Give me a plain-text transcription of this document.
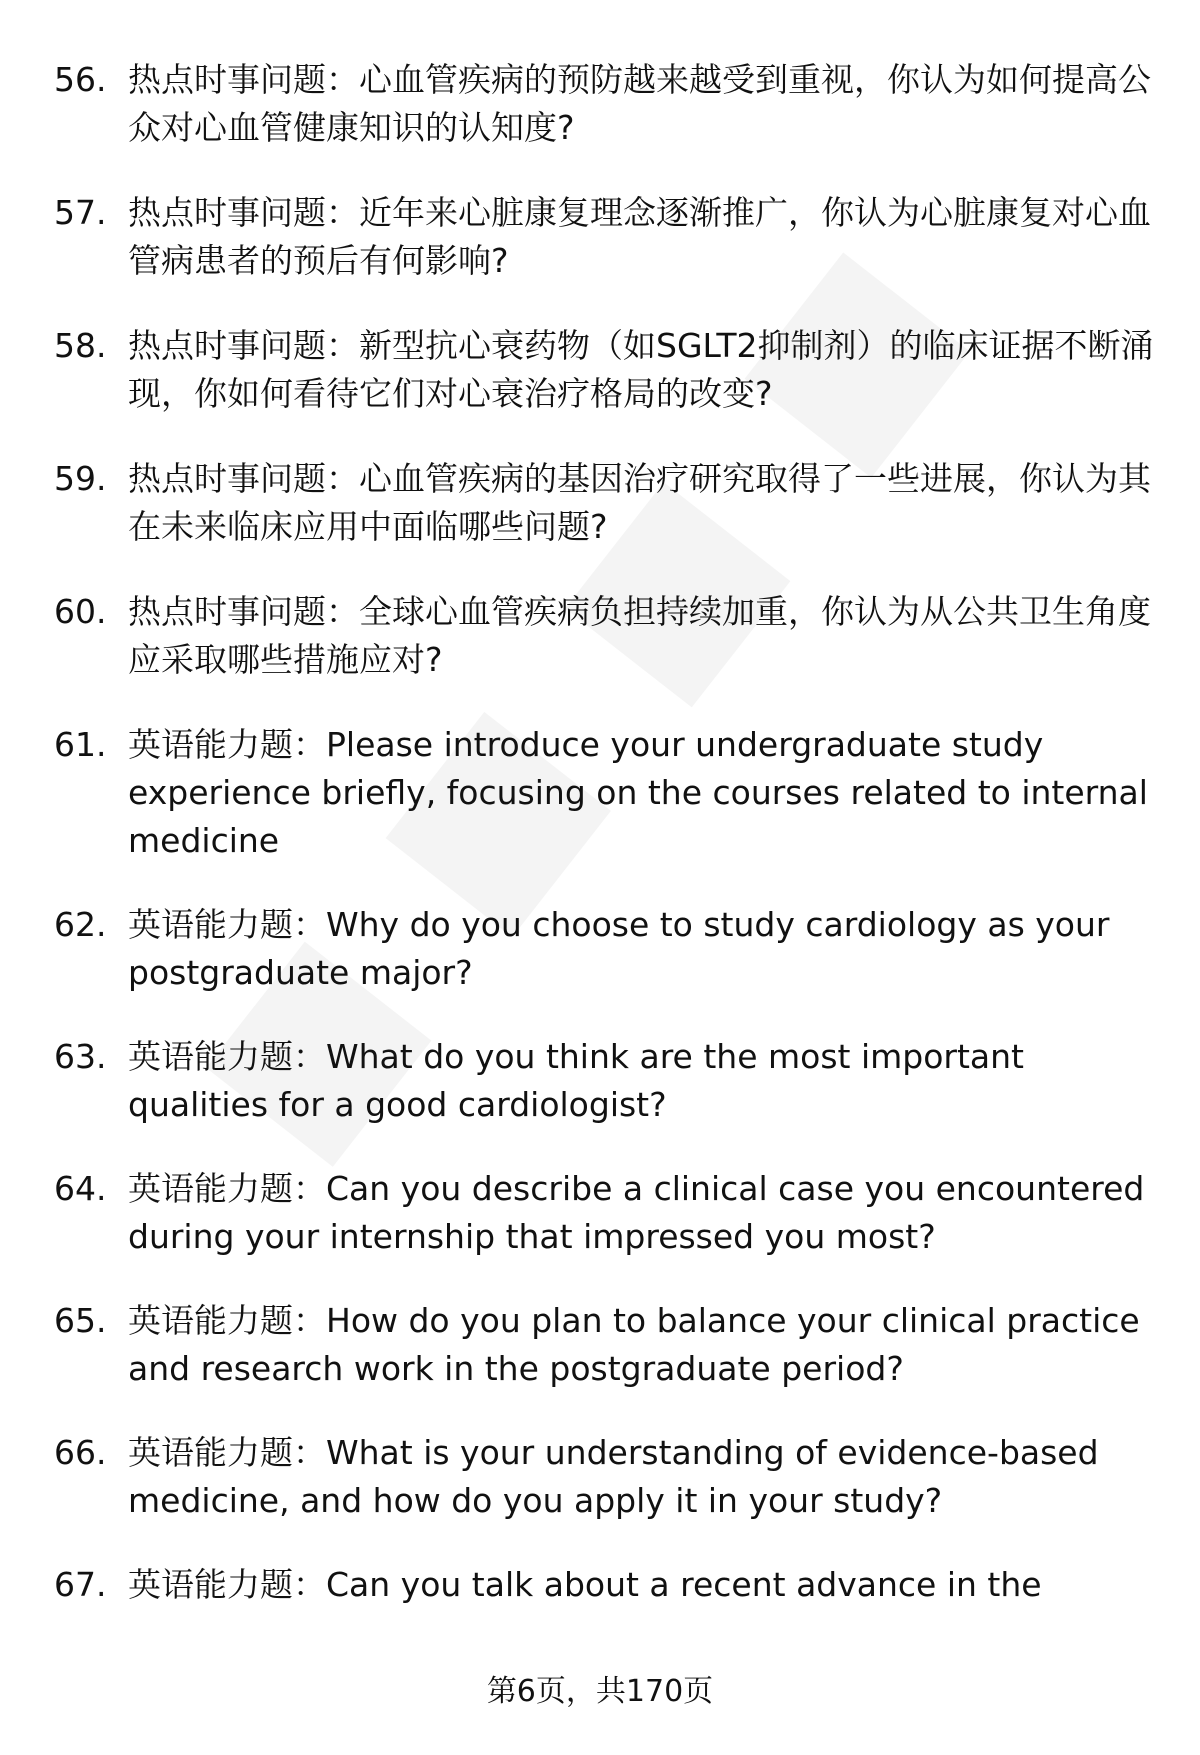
56. 热点时事问题：心血管疾病的预防越来越受到重视，你认为如何提高公众对心血管健康知识的认知度?
57. 热点时事问题：近年来心脏康复理念逐渐推广，你认为心脏康复对心血管病患者的预后有何影响?
58. 热点时事问题：新型抗心衰药物（如SGLT2抑制剂）的临床证据不断涌现，你如何看待它们对心衰治疗格局的改变?
59. 热点时事问题：心血管疾病的基因治疗研究取得了一些进展，你认为其在未来临床应用中面临哪些问题?
60. 热点时事问题：全球心血管疾病负担持续加重，你认为从公共卫生角度应采取哪些措施应对?
61. 英语能力题：Please introduce your undergraduate study experience briefly, focusing on the courses related to internal medicine
62. 英语能力题：Why do you choose to study cardiology as your postgraduate major?
63. 英语能力题：What do you think are the most important qualities for a good cardiologist?
64. 英语能力题：Can you describe a clinical case you encountered during your internship that impressed you most?
65. 英语能力题：How do you plan to balance your clinical practice and research work in the postgraduate period?
66. 英语能力题：What is your understanding of evidence-based medicine, and how do you apply it in your study?
67. 英语能力题：Can you talk about a recent advance in the
第6页，共170页
